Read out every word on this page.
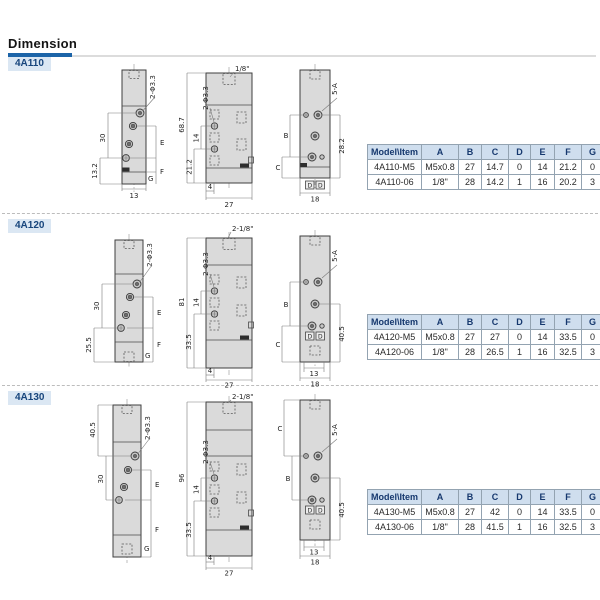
Dimension
4A110
4A120
4A130
30
13.2
E
F
G
13
2-Φ3.3
1/8"
68.7
21.2
14
2-Φ3.3
4
27
D D
5-A
B
C
28.2
18
30
25.5
E
F
G
2-Φ3.3
2-1/8"
81
33.5
14
2-Φ3.3
4
27
D D
5-A
B
C
40.5
13
18
40.5
30
E
F
G
2-Φ3.3
2-1/8"
96
33.5
14
2-Φ3.3
4
27
D D
5-A
C
B
40.5
13
18
Model\Item	A	B	C	D	E	F	G
4A110-M5	M5x0.8	27	14.7	0	14	21.2	0
4A110-06	1/8"	28	14.2	1	16	20.2	3
Model\Item	A	B	C	D	E	F	G
4A120-M5	M5x0.8	27	27	0	14	33.5	0
4A120-06	1/8"	28	26.5	1	16	32.5	3
Model\Item	A	B	C	D	E	F	G
4A130-M5	M5x0.8	27	42	0	14	33.5	0
4A130-06	1/8"	28	41.5	1	16	32.5	3
